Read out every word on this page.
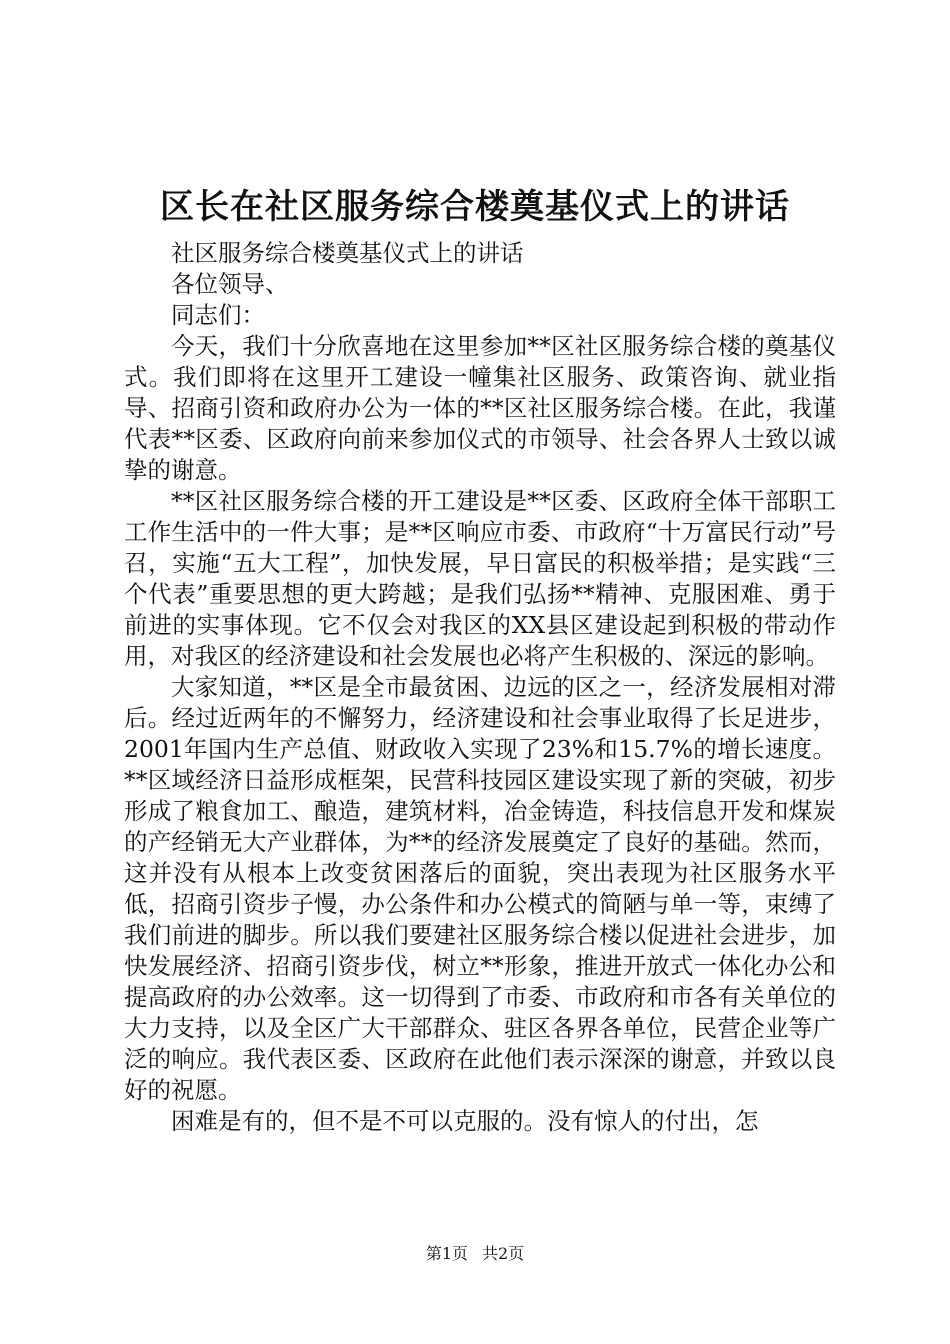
区长在社区服务综合楼奠基仪式上的讲话

社区服务综合楼奠基仪式上的讲话

各位领导、

同志们：

今天，我们十分欣喜地在这里参加**区社区服务综合楼的奠基仪式。我们即将在这里开工建设一幢集社区服务、政策咨询、就业指导、招商引资和政府办公为一体的**区社区服务综合楼。在此，我谨代表**区委、区政府向前来参加仪式的市领导、社会各界人士致以诚挚的谢意。

**区社区服务综合楼的开工建设是**区委、区政府全体干部职工工作生活中的一件大事；是**区响应市委、市政府“十万富民行动”号召，实施“五大工程”，加快发展，早日富民的积极举措；是实践“三个代表”重要思想的更大跨越；是我们弘扬**精神、克服困难、勇于前进的实事体现。它不仅会对我区的XX县区建设起到积极的带动作用，对我区的经济建设和社会发展也必将产生积极的、深远的影响。

大家知道，**区是全市最贫困、边远的区之一，经济发展相对滞后。经过近两年的不懈努力，经济建设和社会事业取得了长足进步，2001年国内生产总值、财政收入实现了23%和15.7%的增长速度。**区域经济日益形成框架，民营科技园区建设实现了新的突破，初步形成了粮食加工、酿造，建筑材料，冶金铸造，科技信息开发和煤炭的产经销无大产业群体，为**的经济发展奠定了良好的基础。然而，这并没有从根本上改变贫困落后的面貌，突出表现为社区服务水平低，招商引资步子慢，办公条件和办公模式的简陋与单一等，束缚了我们前进的脚步。所以我们要建社区服务综合楼以促进社会进步，加快发展经济、招商引资步伐，树立**形象，推进开放式一体化办公和提高政府的办公效率。这一切得到了市委、市政府和市各有关单位的大力支持，以及全区广大干部群众、驻区各界各单位，民营企业等广泛的响应。我代表区委、区政府在此他们表示深深的谢意，并致以良好的祝愿。

困难是有的，但不是不可以克服的。没有惊人的付出，怎

第1页 共2页
